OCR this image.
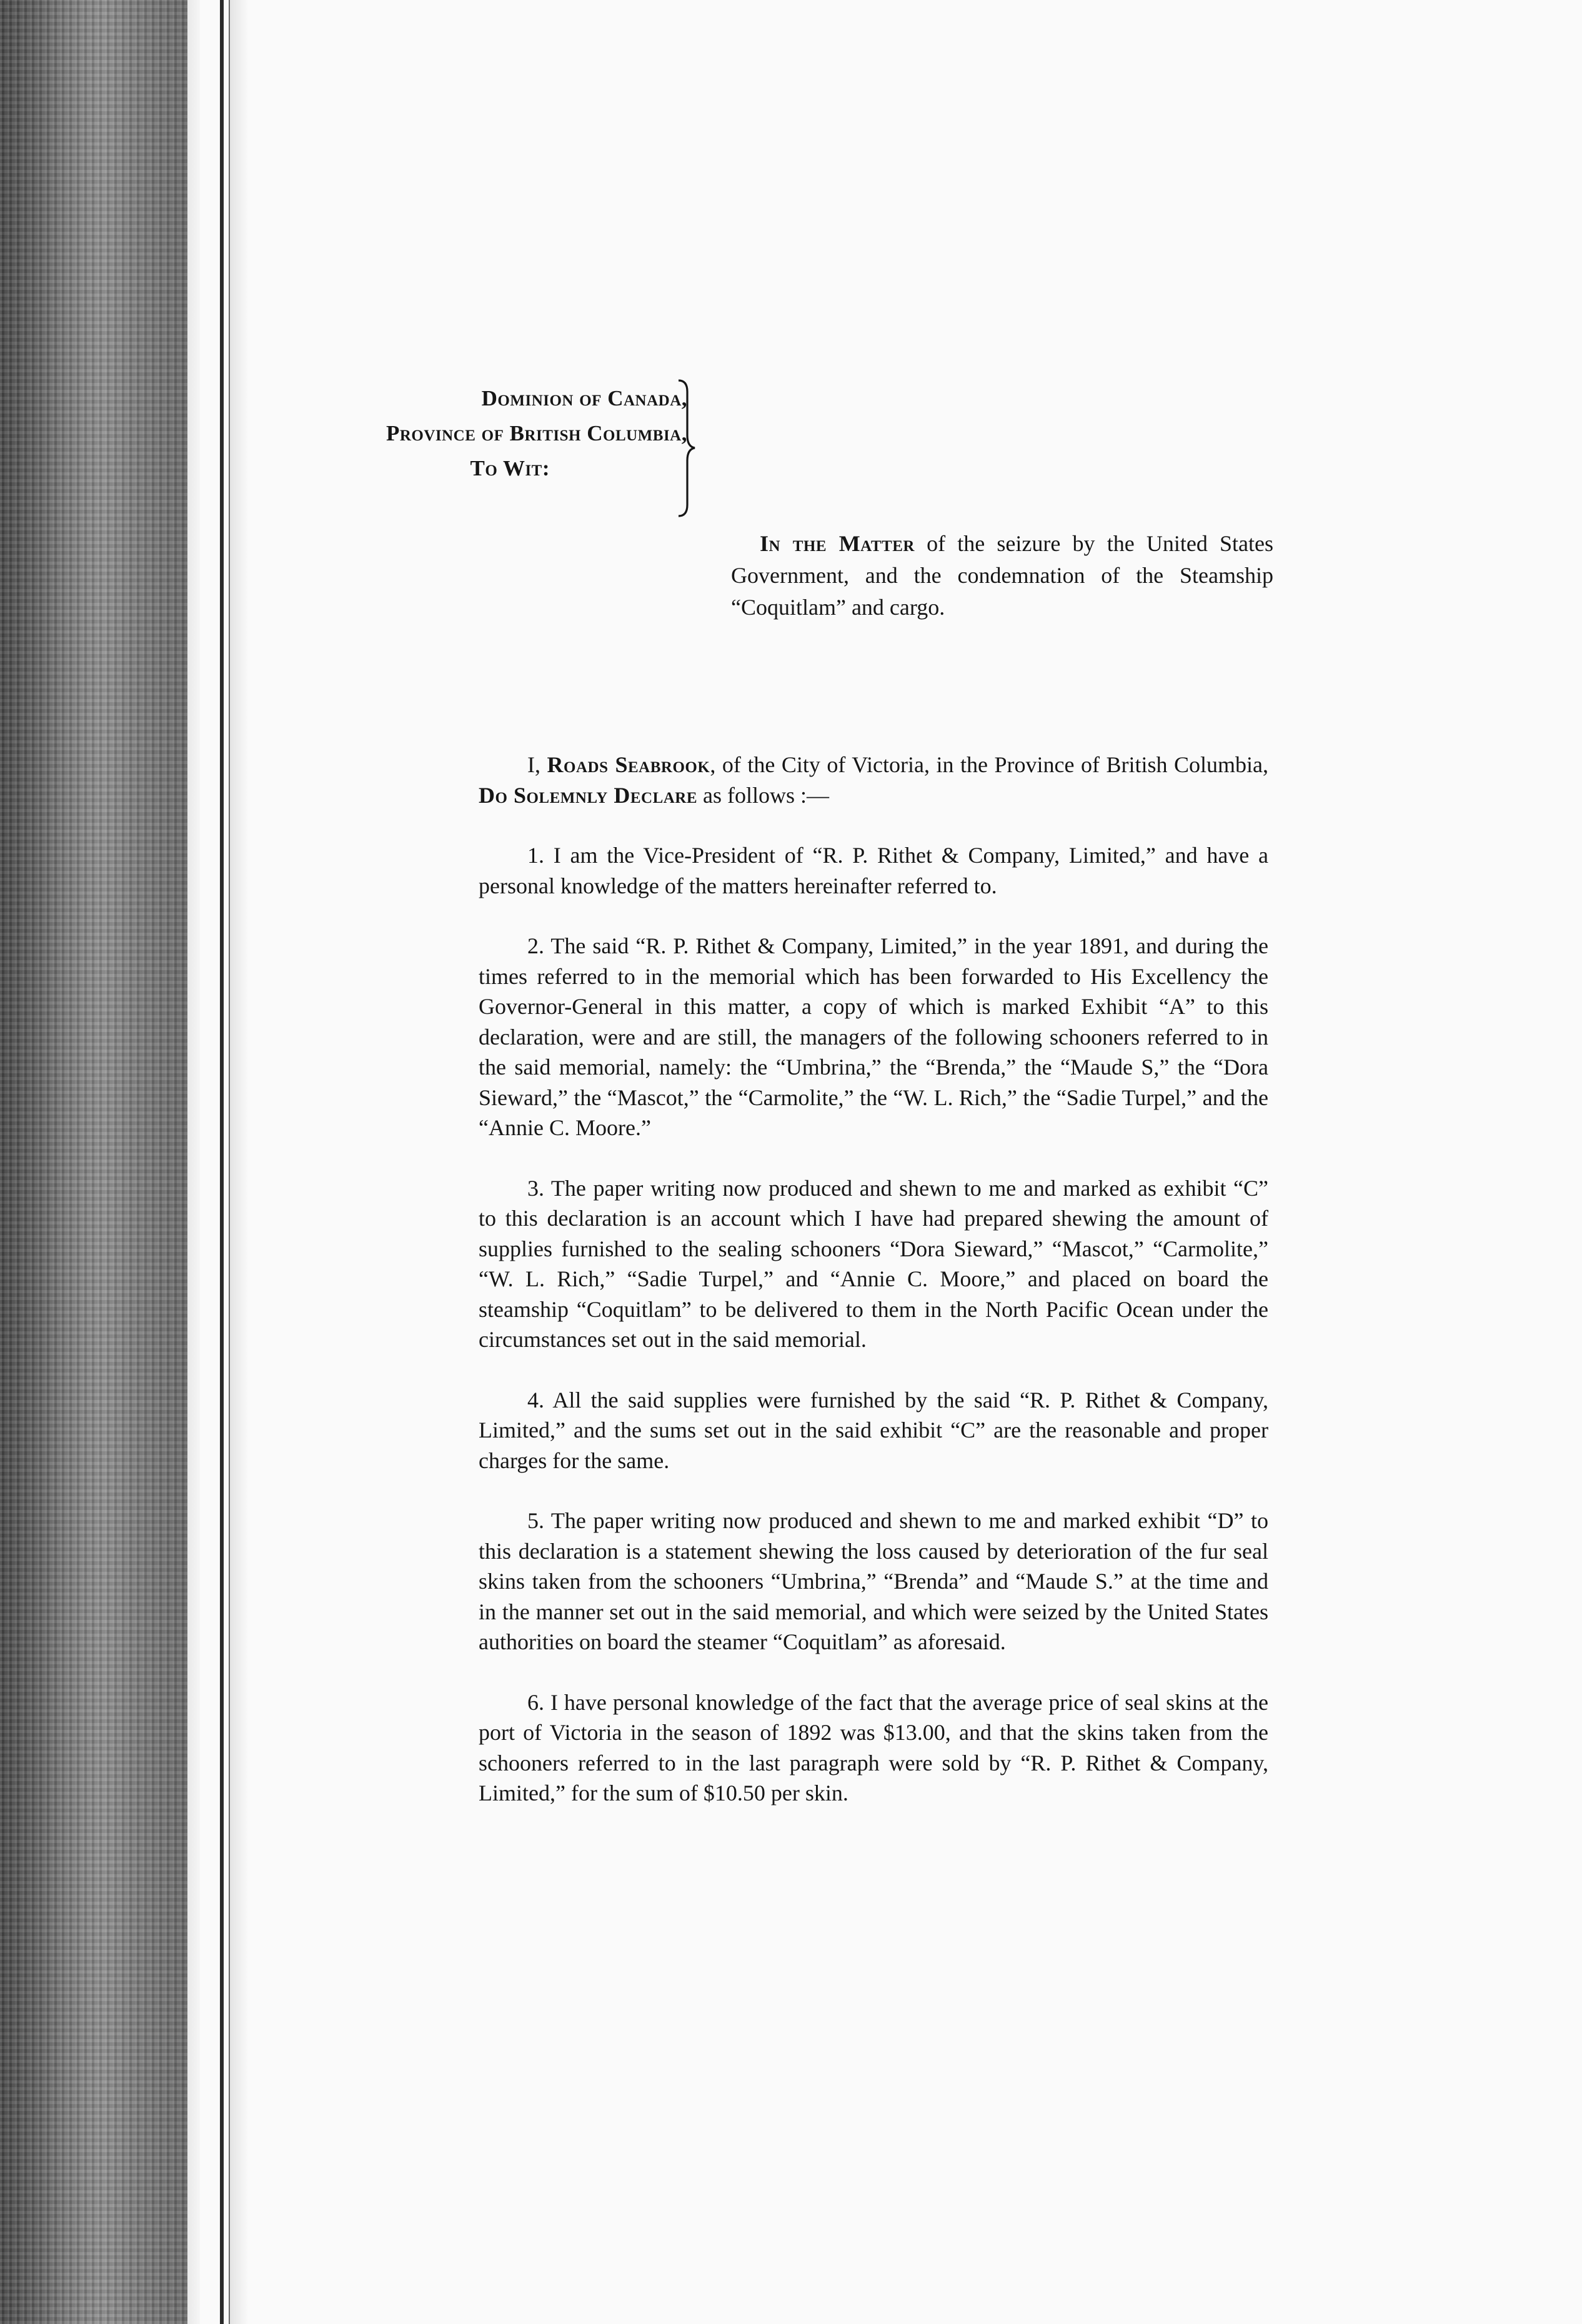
Dominion of Canada,
Province of British Columbia,
To Wit:
In the Matter of the seizure by the United States Government, and the condemnation of the Steamship “Coquitlam” and cargo.

I, Roads Seabrook, of the City of Victoria, in the Province of British Columbia, Do Solemnly Declare as follows :—

1. I am the Vice-President of “R. P. Rithet & Company, Limited,” and have a personal knowledge of the matters hereinafter referred to.

2. The said “R. P. Rithet & Company, Limited,” in the year 1891, and during the times referred to in the memorial which has been forwarded to His Excellency the Governor-General in this matter, a copy of which is marked Exhibit “A” to this declaration, were and are still, the managers of the following schooners referred to in the said memorial, namely: the “Umbrina,” the “Brenda,” the “Maude S,” the “Dora Sieward,” the “Mascot,” the “Carmolite,” the “W. L. Rich,” the “Sadie Turpel,” and the “Annie C. Moore.”

3. The paper writing now produced and shewn to me and marked as exhibit “C” to this declaration is an account which I have had prepared shewing the amount of supplies furnished to the sealing schooners “Dora Sieward,” “Mascot,” “Carmolite,” “W. L. Rich,” “Sadie Turpel,” and “Annie C. Moore,” and placed on board the steamship “Coquitlam” to be delivered to them in the North Pacific Ocean under the circumstances set out in the said memorial.

4. All the said supplies were furnished by the said “R. P. Rithet & Company, Limited,” and the sums set out in the said exhibit “C” are the reasonable and proper charges for the same.

5. The paper writing now produced and shewn to me and marked exhibit “D” to this declaration is a statement shewing the loss caused by deterioration of the fur seal skins taken from the schooners “Umbrina,” “Brenda” and “Maude S.” at the time and in the manner set out in the said memorial, and which were seized by the United States authorities on board the steamer “Coquitlam” as aforesaid.

6. I have personal knowledge of the fact that the average price of seal skins at the port of Victoria in the season of 1892 was $13.00, and that the skins taken from the schooners referred to in the last paragraph were sold by “R. P. Rithet & Company, Limited,” for the sum of $10.50 per skin.
